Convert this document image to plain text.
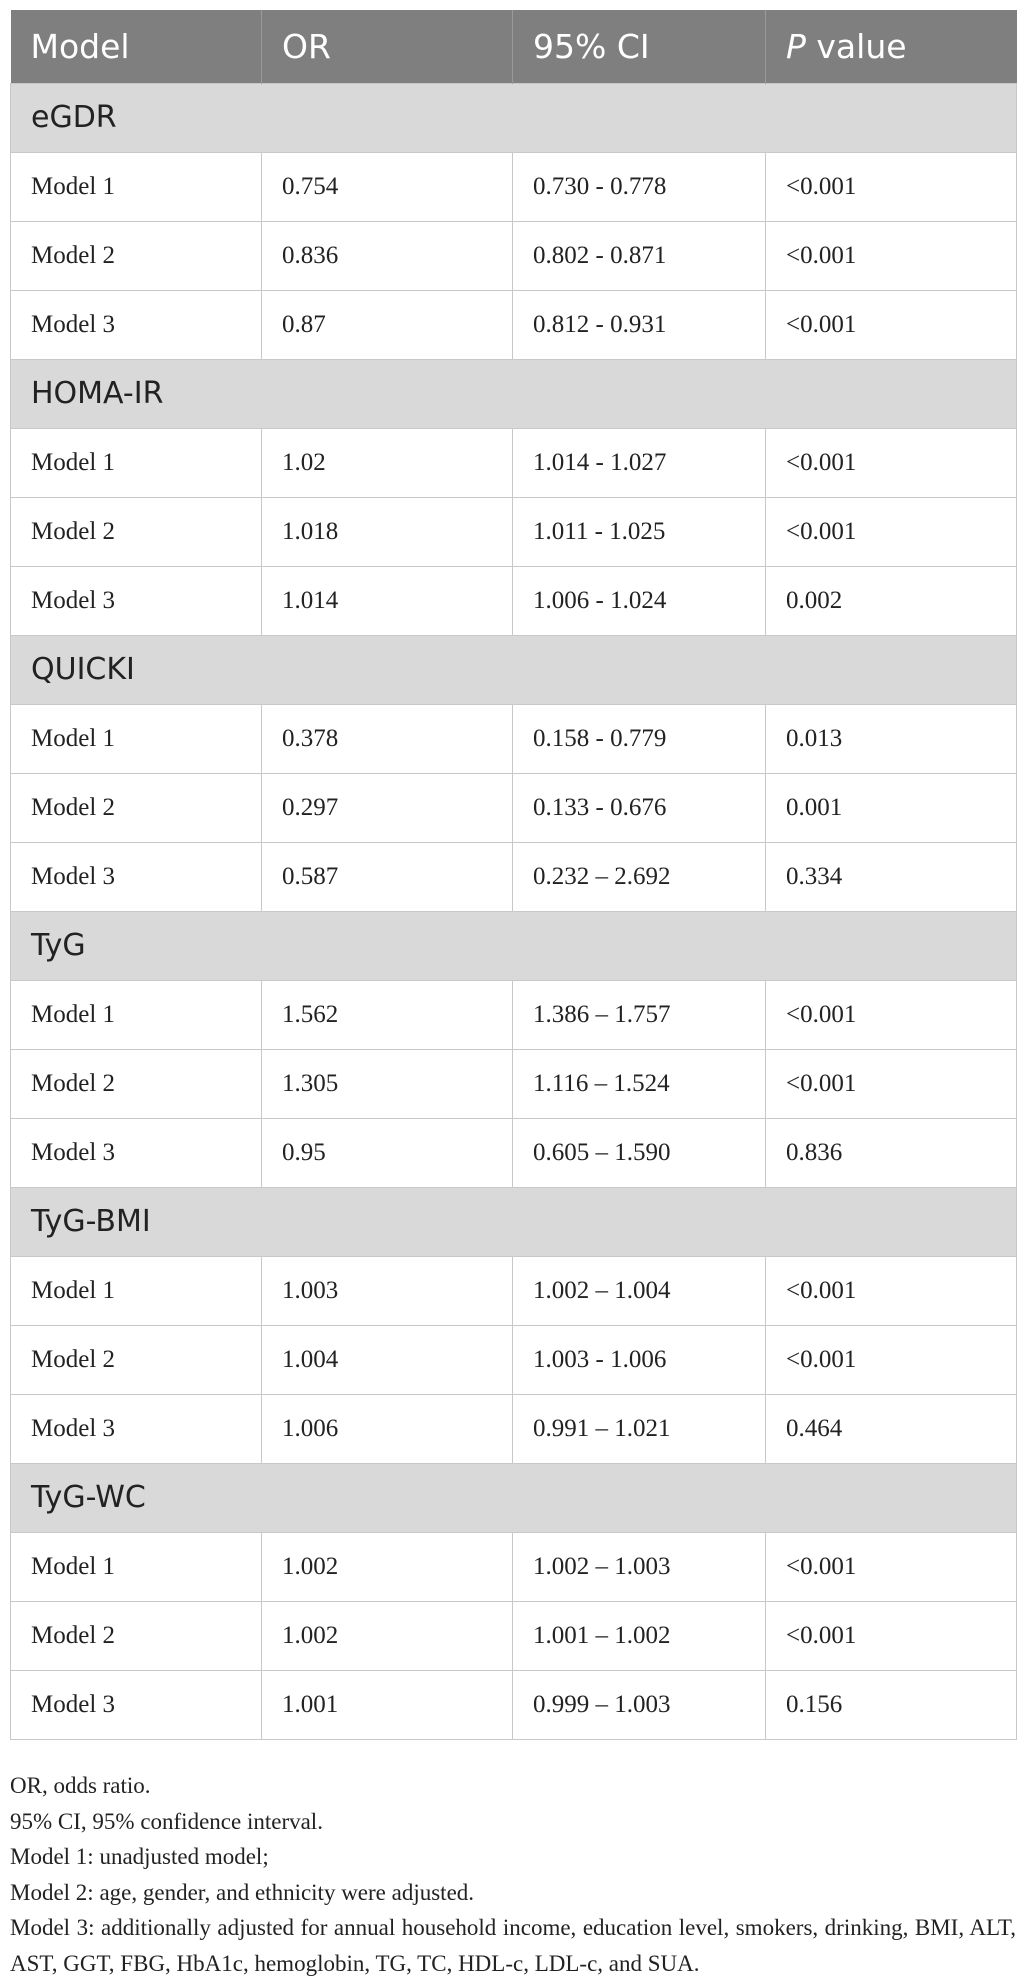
Model	OR	95% CI	P value
eGDR			
Model 1	0.754	0.730 - 0.778	<0.001
Model 2	0.836	0.802 - 0.871	<0.001
Model 3	0.87	0.812 - 0.931	<0.001
HOMA-IR			
Model 1	1.02	1.014 - 1.027	<0.001
Model 2	1.018	1.011 - 1.025	<0.001
Model 3	1.014	1.006 - 1.024	0.002
QUICKI			
Model 1	0.378	0.158 - 0.779	0.013
Model 2	0.297	0.133 - 0.676	0.001
Model 3	0.587	0.232 – 2.692	0.334
TyG			
Model 1	1.562	1.386 – 1.757	<0.001
Model 2	1.305	1.116 – 1.524	<0.001
Model 3	0.95	0.605 – 1.590	0.836
TyG-BMI			
Model 1	1.003	1.002 – 1.004	<0.001
Model 2	1.004	1.003 - 1.006	<0.001
Model 3	1.006	0.991 – 1.021	0.464
TyG-WC			
Model 1	1.002	1.002 – 1.003	<0.001
Model 2	1.002	1.001 – 1.002	<0.001
Model 3	1.001	0.999 – 1.003	0.156

OR, odds ratio.

95% CI, 95% confidence interval.

Model 1: unadjusted model;

Model 2: age, gender, and ethnicity were adjusted.

Model 3: additionally adjusted for annual household income, education level, smokers, drinking, BMI, ALT, AST, GGT, FBG, HbA1c, hemoglobin, TG, TC, HDL-c, LDL-c, and SUA.
